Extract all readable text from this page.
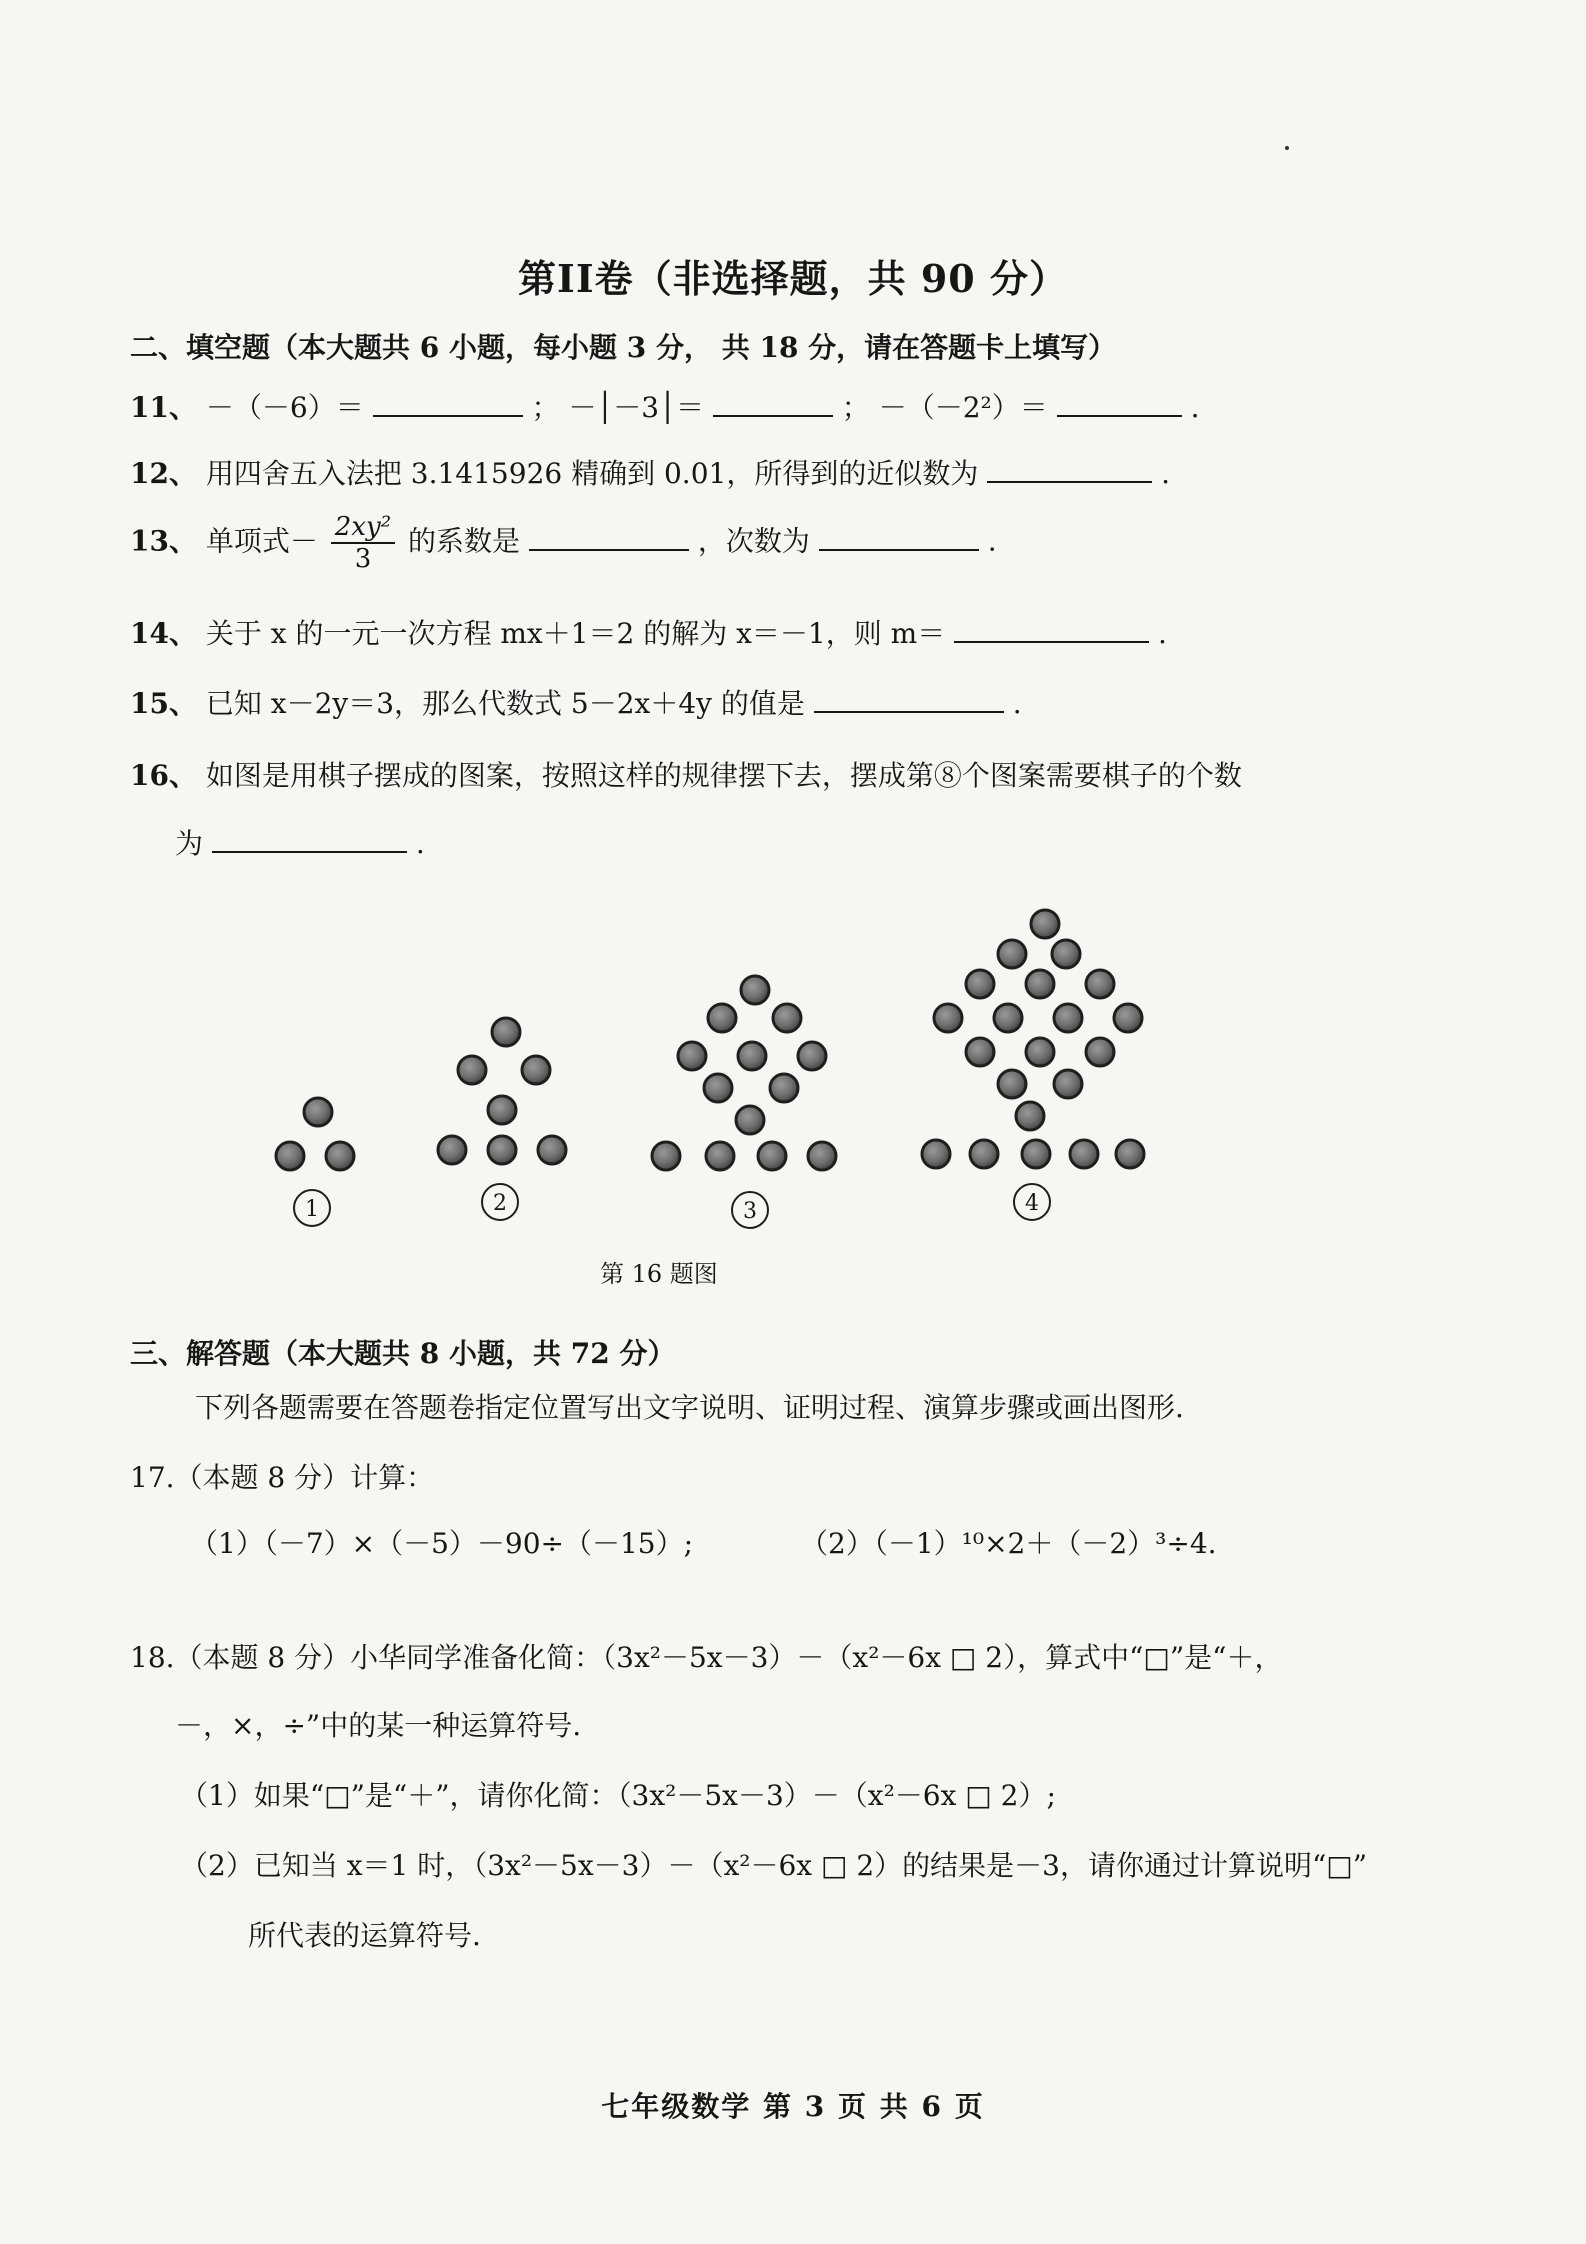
第II卷（非选择题，共 90 分）
二、填空题（本大题共 6 小题，每小题 3 分， 共 18 分，请在答题卡上填写）
11、 －（－6）＝	； －│－3│＝	； －（－2²）＝	.
12、 用四舍五入法把 3.1415926 精确到 0.01，所得到的近似数为	.
13、 单项式－ $\frac{\text{2xy²}}{3}$ 的系数是	，次数为	.
14、 关于 x 的一元一次方程 mx＋1＝2 的解为 x＝－1，则 m＝	.
15、 已知 x－2y＝3，那么代数式 5－2x＋4y 的值是	.
16、 如图是用棋子摆成的图案，按照这样的规律摆下去，摆成第⑧个图案需要棋子的个数
为	.
1	2	3	4
第 16 题图
三、解答题（本大题共 8 小题，共 72 分）
下列各题需要在答题卷指定位置写出文字说明、证明过程、演算步骤或画出图形.
17.（本题 8 分）计算：
（1）（－7）×（－5）－90÷（－15）;	（2）（－1）¹⁰×2＋（－2）³÷4.
18.（本题 8 分）小华同学准备化简：（3x²－5x－3）－（x²－6x □ 2），算式中“□”是“＋，
－，×，÷”中的某一种运算符号.
（1）如果“□”是“＋”，请你化简：（3x²－5x－3）－（x²－6x □ 2）;
（2）已知当 x＝1 时，（3x²－5x－3）－（x²－6x □ 2）的结果是－3，请你通过计算说明“□”
所代表的运算符号.
七年级数学 第 3 页 共 6 页
